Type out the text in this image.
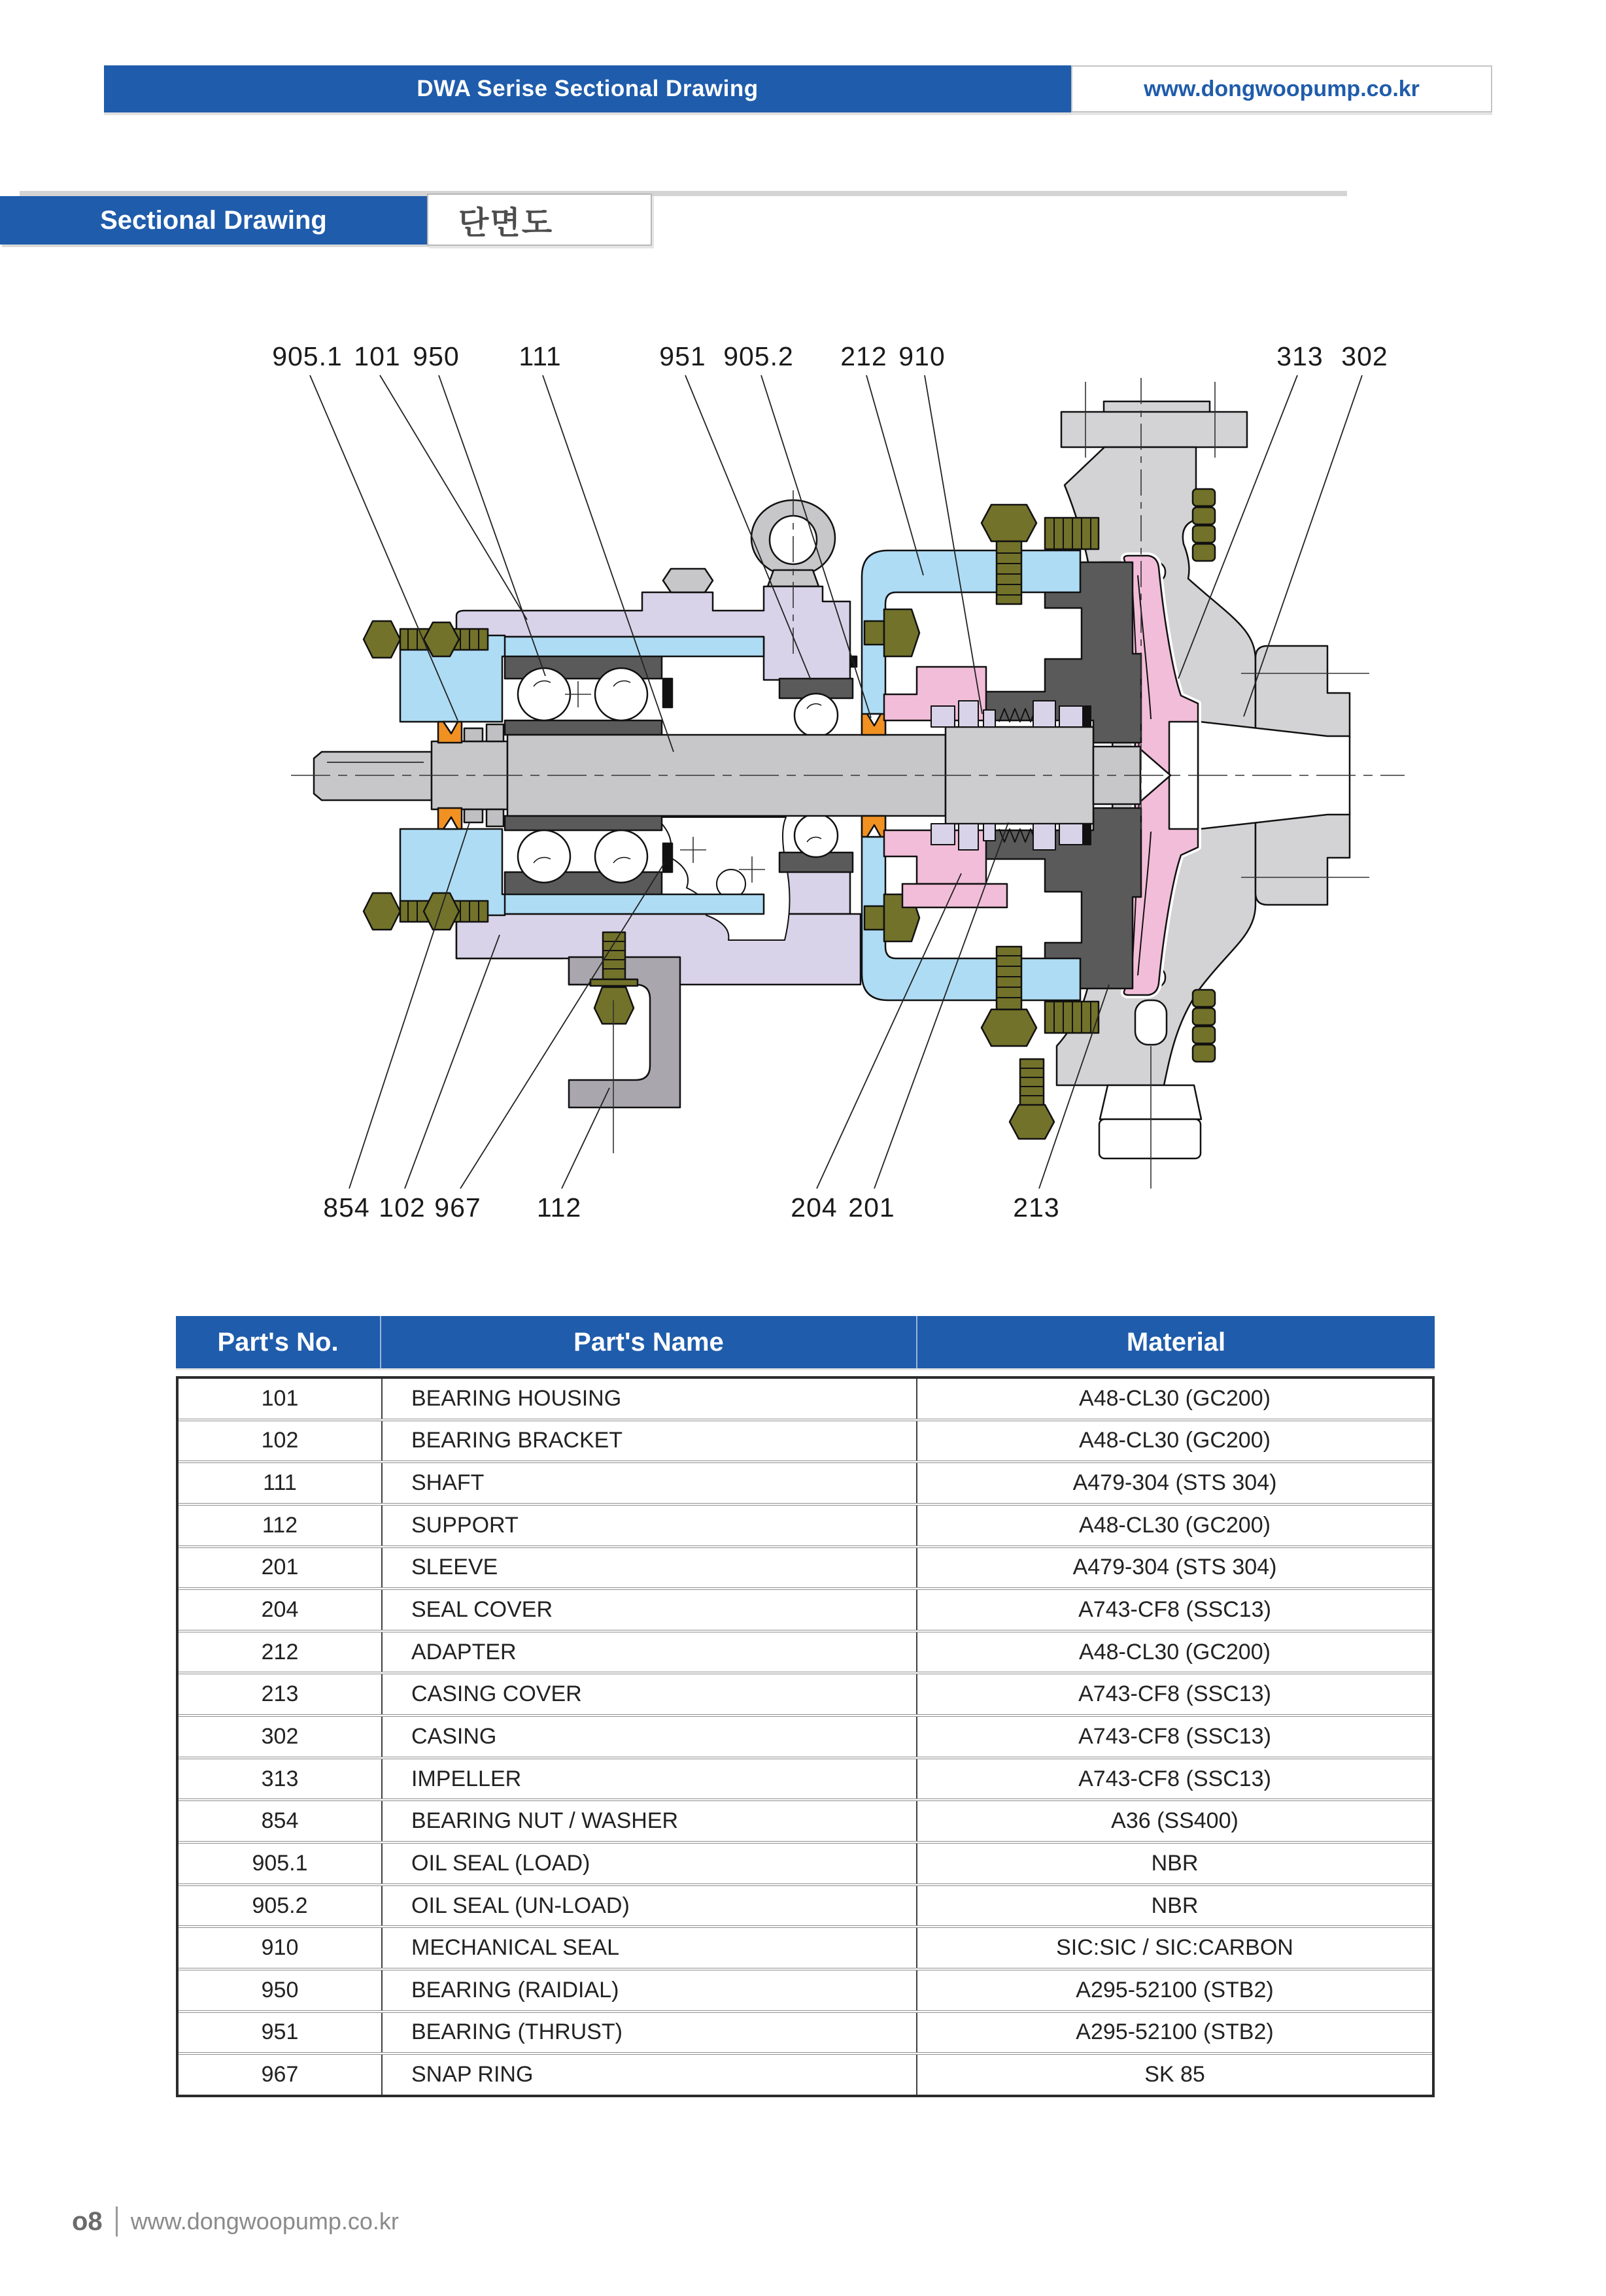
DWA Serise Sectional Drawing	www.dongwoopump.co.kr
Sectional Drawing	단면도
905.1 101 950 111	951 905.2 212 910	313 302
854 102 967 112	204 201	213
Part's No.	Part's Name	Material
101	BEARING HOUSING	A48-CL30 (GC200)
102	BEARING BRACKET	A48-CL30 (GC200)
111	SHAFT	A479-304 (STS 304)
112	SUPPORT	A48-CL30 (GC200)
201	SLEEVE	A479-304 (STS 304)
204	SEAL COVER	A743-CF8 (SSC13)
212	ADAPTER	A48-CL30 (GC200)
213	CASING COVER	A743-CF8 (SSC13)
302	CASING	A743-CF8 (SSC13)
313	IMPELLER	A743-CF8 (SSC13)
854	BEARING NUT / WASHER	A36 (SS400)
905.1	OIL SEAL (LOAD)	NBR
905.2	OIL SEAL (UN-LOAD)	NBR
910	MECHANICAL SEAL	SIC:SIC / SIC:CARBON
950	BEARING (RAIDIAL)	A295-52100 (STB2)
951	BEARING (THRUST)	A295-52100 (STB2)
967	SNAP RING	SK 85
o8 www.dongwoopump.co.kr
